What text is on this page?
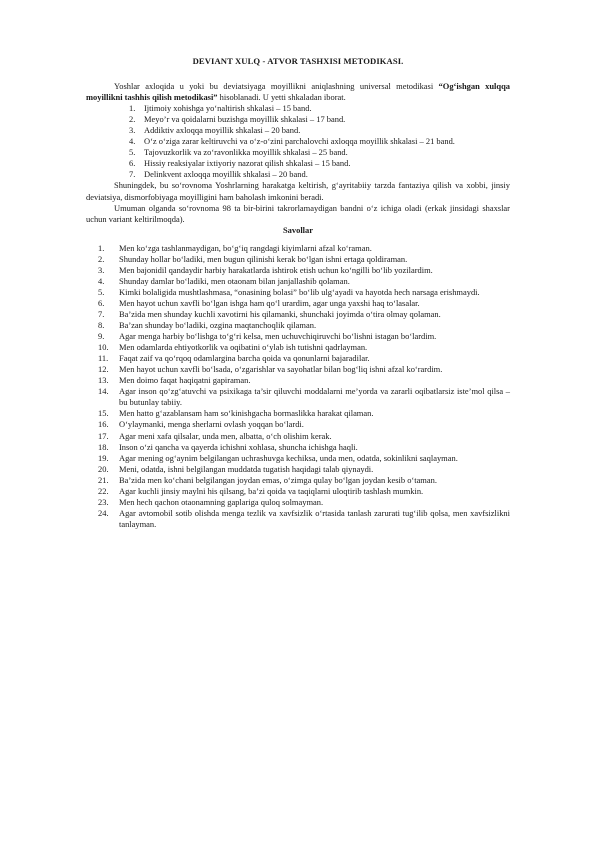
DEVIANT XULQ - ATVOR TASHXISI METODIKASI.

Yoshlar axloqida u yoki bu deviatsiyaga moyillikni aniqlashning universal metodikasi “Og‘ishgan xulqqa moyillikni tashhis qilish metodikasi” hisoblanadi. U yetti shkaladan iborat.

1. Ijtimoiy xohishga yo‘naltirish shkalasi – 15 band.
2. Meyo’r va qoidalarni buzishga moyillik shkalasi – 17 band.
3. Addiktiv axloqqa moyillik shkalasi – 20 band.
4. O‘z o‘ziga zarar keltiruvchi va o‘z-o‘zini parchalovchi axloqqa moyillik shkalasi – 21 band.
5. Tajovuzkorlik va zo‘ravonlikka moyillik shkalasi – 25 band.
6. Hissiy reaksiyalar ixtiyoriy nazorat qilish shkalasi – 15 band.
7. Delinkvent axloqqa moyillik shkalasi – 20 band.

Shuningdek, bu so‘rovnoma Yoshrlarning harakatga keltirish, g‘ayritabiiy tarzda fantaziya qilish va xobbi, jinsiy deviatsiya, dismorfobiyaga moyilligini ham baholash imkonini beradi.

Umuman olganda so‘rovnoma 98 ta bir-birini takrorlamaydigan bandni o‘z ichiga oladi (erkak jinsidagi shaxslar uchun variant keltirilmoqda).

Savollar
1. Men ko‘zga tashlanmaydigan, bo‘g‘iq rangdagi kiyimlarni afzal ko‘raman.
2. Shunday hollar bo‘ladiki, men bugun qilinishi kerak bo‘lgan ishni ertaga qoldiraman.
3. Men bajonidil qandaydir harbiy harakatlarda ishtirok etish uchun ko‘ngilli bo‘lib yozilardim.
4. Shunday damlar bo‘ladiki, men otaonam bilan janjallashib qolaman.
5. Kimki bolaligida mushtlashmasa, “onasining bolasi” bo‘lib ulg‘ayadi va hayotda hech narsaga erishmaydi.
6. Men hayot uchun xavfli bo‘lgan ishga ham qo‘l urardim, agar unga yaxshi haq to‘lasalar.
7. Ba’zida men shunday kuchli xavotirni his qilamanki, shunchaki joyimda o‘tira olmay qolaman.
8. Ba’zan shunday bo‘ladiki, ozgina maqtanchoqlik qilaman.
9. Agar menga harbiy bo‘lishga to‘g‘ri kelsa, men uchuvchiqiruvchi bo‘lishni istagan bo‘lardim.
10. Men odamlarda ehtiyotkorlik va oqibatini o‘ylab ish tutishni qadrlayman.
11. Faqat zaif va qo‘rqoq odamlargina barcha qoida va qonunlarni bajaradilar.
12. Men hayot uchun xavfli bo‘lsada, o‘zgarishlar va sayohatlar bilan bog‘liq ishni afzal ko‘rardim.
13. Men doimo faqat haqiqatni gapiraman.
14. Agar inson qo‘zg‘atuvchi va psixikaga ta’sir qiluvchi moddalarni me’yorda va zararli oqibatlarsiz iste’mol qilsa – bu butunlay tabiiy.
15. Men hatto g‘azablansam ham so‘kinishgacha bormaslikka harakat qilaman.
16. O‘ylaymanki, menga sherlarni ovlash yoqqan bo‘lardi.
17. Agar meni xafa qilsalar, unda men, albatta, o‘ch olishim kerak.
18. Inson o‘zi qancha va qayerda ichishni xohlasa, shuncha ichishga haqli.
19. Agar mening og‘aynim belgilangan uchrashuvga kechiksa, unda men, odatda, sokinlikni saqlayman.
20. Meni, odatda, ishni belgilangan muddatda tugatish haqidagi talab qiynaydi.
21. Ba’zida men ko‘chani belgilangan joydan emas, o‘zimga qulay bo‘lgan joydan kesib o‘taman.
22. Agar kuchli jinsiy maylni his qilsang, ba’zi qoida va taqiqlarni uloqtirib tashlash mumkin.
23. Men hech qachon otaonamning gaplariga quloq solmayman.
24. Agar avtomobil sotib olishda menga tezlik va xavfsizlik o‘rtasida tanlash zarurati tug‘ilib qolsa, men xavfsizlikni tanlayman.
